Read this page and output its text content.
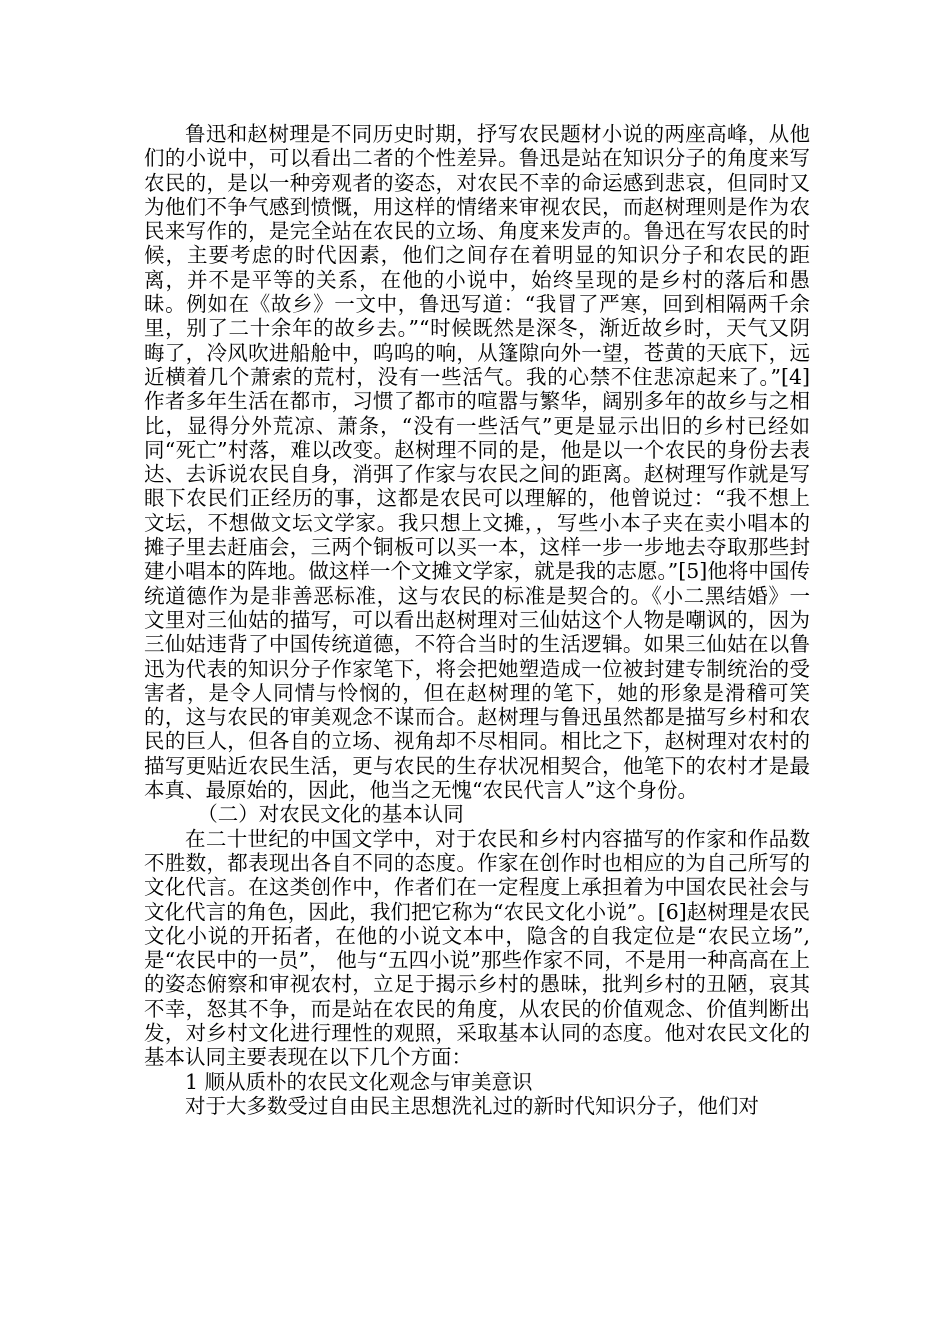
鲁迅和赵树理是不同历史时期，抒写农民题材小说的两座高峰，从他们的小说中，可以看出二者的个性差异。鲁迅是站在知识分子的角度来写农民的，是以一种旁观者的姿态，对农民不幸的命运感到悲哀，但同时又为他们不争气感到愤慨，用这样的情绪来审视农民，而赵树理则是作为农民来写作的，是完全站在农民的立场、角度来发声的。鲁迅在写农民的时候，主要考虑的时代因素，他们之间存在着明显的知识分子和农民的距离，并不是平等的关系，在他的小说中，始终呈现的是乡村的落后和愚昧。例如在《故乡》一文中，鲁迅写道：“我冒了严寒，回到相隔两千余里，别了二十余年的故乡去。”“时候既然是深冬，渐近故乡时，天气又阴晦了，冷风吹进船舱中，呜呜的响，从篷隙向外一望，苍黄的天底下，远近横着几个萧索的荒村，没有一些活气。我的心禁不住悲凉起来了。”[4] 作者多年生活在都市，习惯了都市的喧嚣与繁华，阔别多年的故乡与之相比，显得分外荒凉、萧条，“没有一些活气”更是显示出旧的乡村已经如同“死亡”村落，难以改变。赵树理不同的是，他是以一个农民的身份去表达、去诉说农民自身，消弭了作家与农民之间的距离。赵树理写作就是写眼下农民们正经历的事，这都是农民可以理解的，他曾说过：“我不想上文坛，不想做文坛文学家。我只想上文摊，，写些小本子夹在卖小唱本的摊子里去赶庙会，三两个铜板可以买一本，这样一步一步地去夺取那些封建小唱本的阵地。做这样一个文摊文学家，就是我的志愿。”[5]他将中国传统道德作为是非善恶标准，这与农民的标准是契合的。《小二黑结婚》一文里对三仙姑的描写，可以看出赵树理对三仙姑这个人物是嘲讽的，因为三仙姑违背了中国传统道德，不符合当时的生活逻辑。如果三仙姑在以鲁迅为代表的知识分子作家笔下，将会把她塑造成一位被封建专制统治的受害者，是令人同情与怜悯的，但在赵树理的笔下，她的形象是滑稽可笑的，这与农民的审美观念不谋而合。赵树理与鲁迅虽然都是描写乡村和农民的巨人，但各自的立场、视角却不尽相同。相比之下，赵树理对农村的描写更贴近农民生活，更与农民的生存状况相契合，他笔下的农村才是最本真、最原始的，因此，他当之无愧“农民代言人”这个身份。

（二）对农民文化的基本认同

在二十世纪的中国文学中，对于农民和乡村内容描写的作家和作品数不胜数，都表现出各自不同的态度。作家在创作时也相应的为自己所写的文化代言。在这类创作中，作者们在一定程度上承担着为中国农民社会与文化代言的角色，因此，我们把它称为“农民文化小说”。[6]赵树理是农民文化小说的开拓者，在他的小说文本中，隐含的自我定位是“农民立场”,是“农民中的一员”， 他与“五四小说”那些作家不同，不是用一种高高在上的姿态俯察和审视农村，立足于揭示乡村的愚昧，批判乡村的丑陋，哀其不幸，怒其不争，而是站在农民的角度，从农民的价值观念、价值判断出发，对乡村文化进行理性的观照，采取基本认同的态度。他对农民文化的基本认同主要表现在以下几个方面：

1 顺从质朴的农民文化观念与审美意识

对于大多数受过自由民主思想洗礼过的新时代知识分子，他们对
